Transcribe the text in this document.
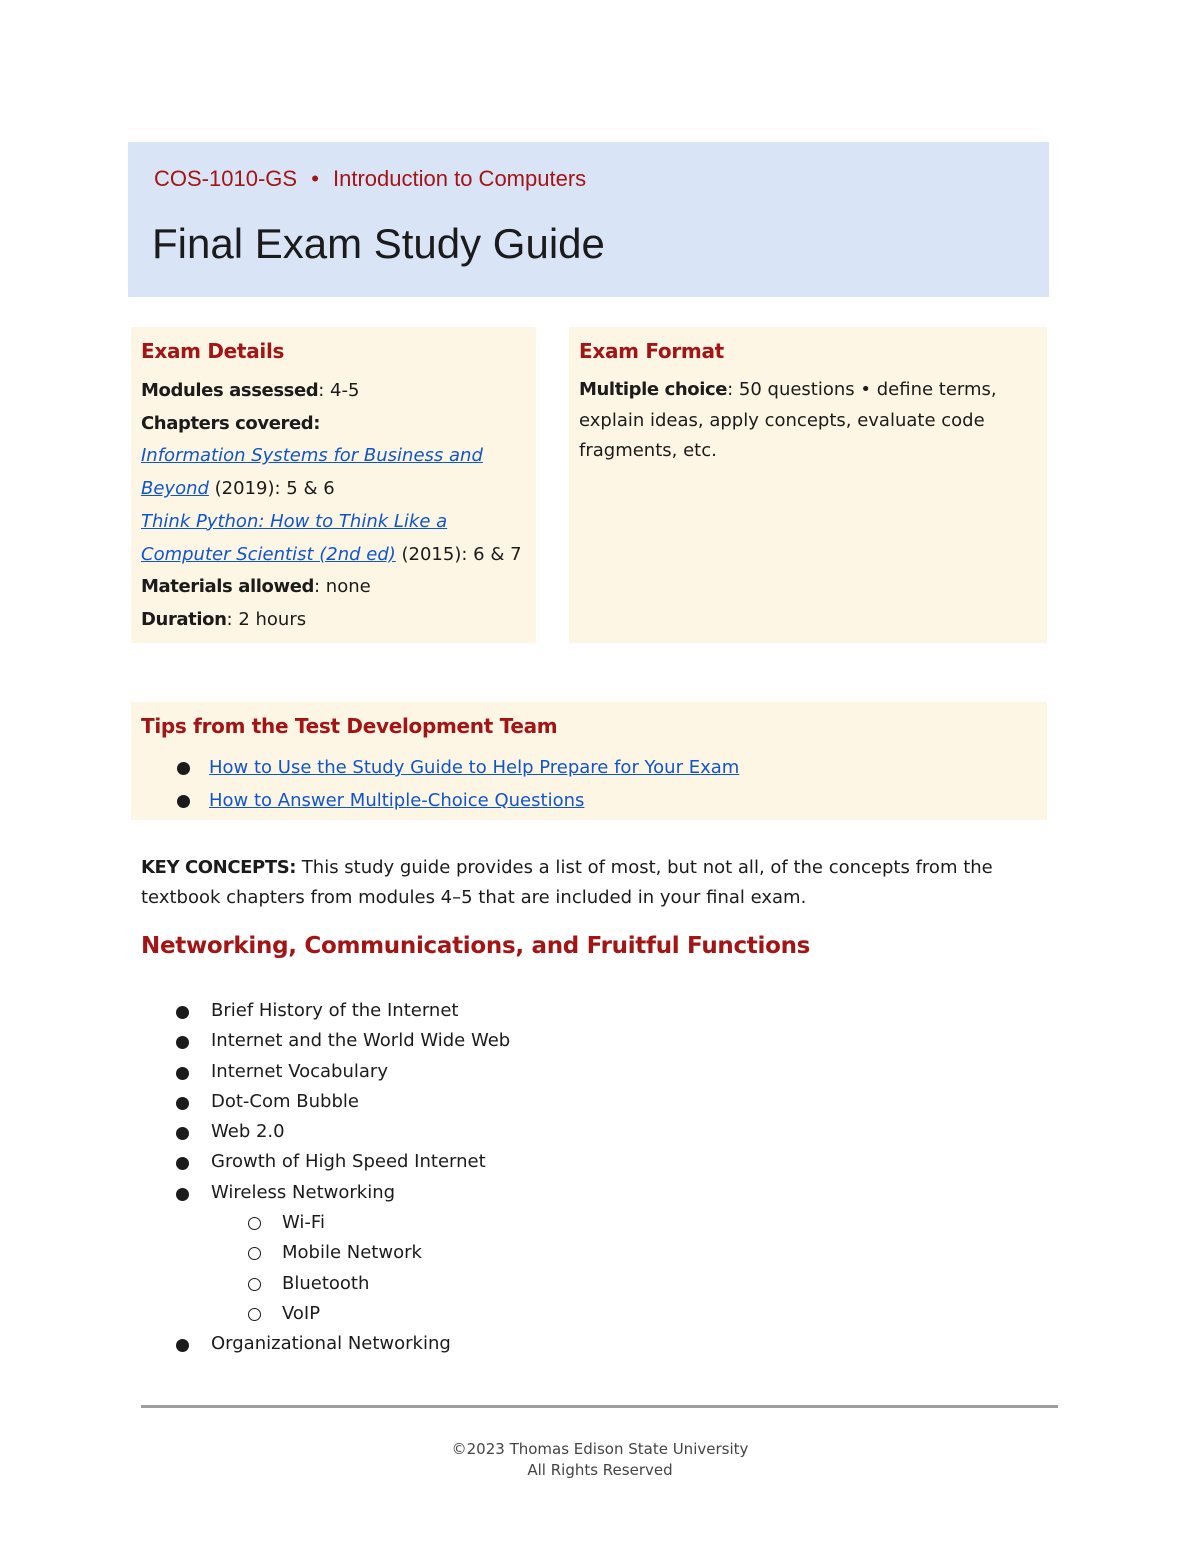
COS-1010-GS • Introduction to Computers
Final Exam Study Guide
Exam Details
Modules assessed: 4-5
Chapters covered:
Information Systems for Business and
Beyond (2019): 5 & 6
Think Python: How to Think Like a
Computer Scientist (2nd ed) (2015): 6 & 7
Materials allowed: none
Duration: 2 hours
Exam Format
Multiple choice: 50 questions • define terms, explain ideas, apply concepts, evaluate code fragments, etc.
Tips from the Test Development Team
How to Use the Study Guide to Help Prepare for Your Exam
How to Answer Multiple-Choice Questions
KEY CONCEPTS: This study guide provides a list of most, but not all, of the concepts from the textbook chapters from modules 4–5 that are included in your final exam.
Networking, Communications, and Fruitful Functions
Brief History of the Internet
Internet and the World Wide Web
Internet Vocabulary
Dot-Com Bubble
Web 2.0
Growth of High Speed Internet
Wireless Networking
Wi-Fi
Mobile Network
Bluetooth
VoIP
Organizational Networking
©2023 Thomas Edison State University
All Rights Reserved
